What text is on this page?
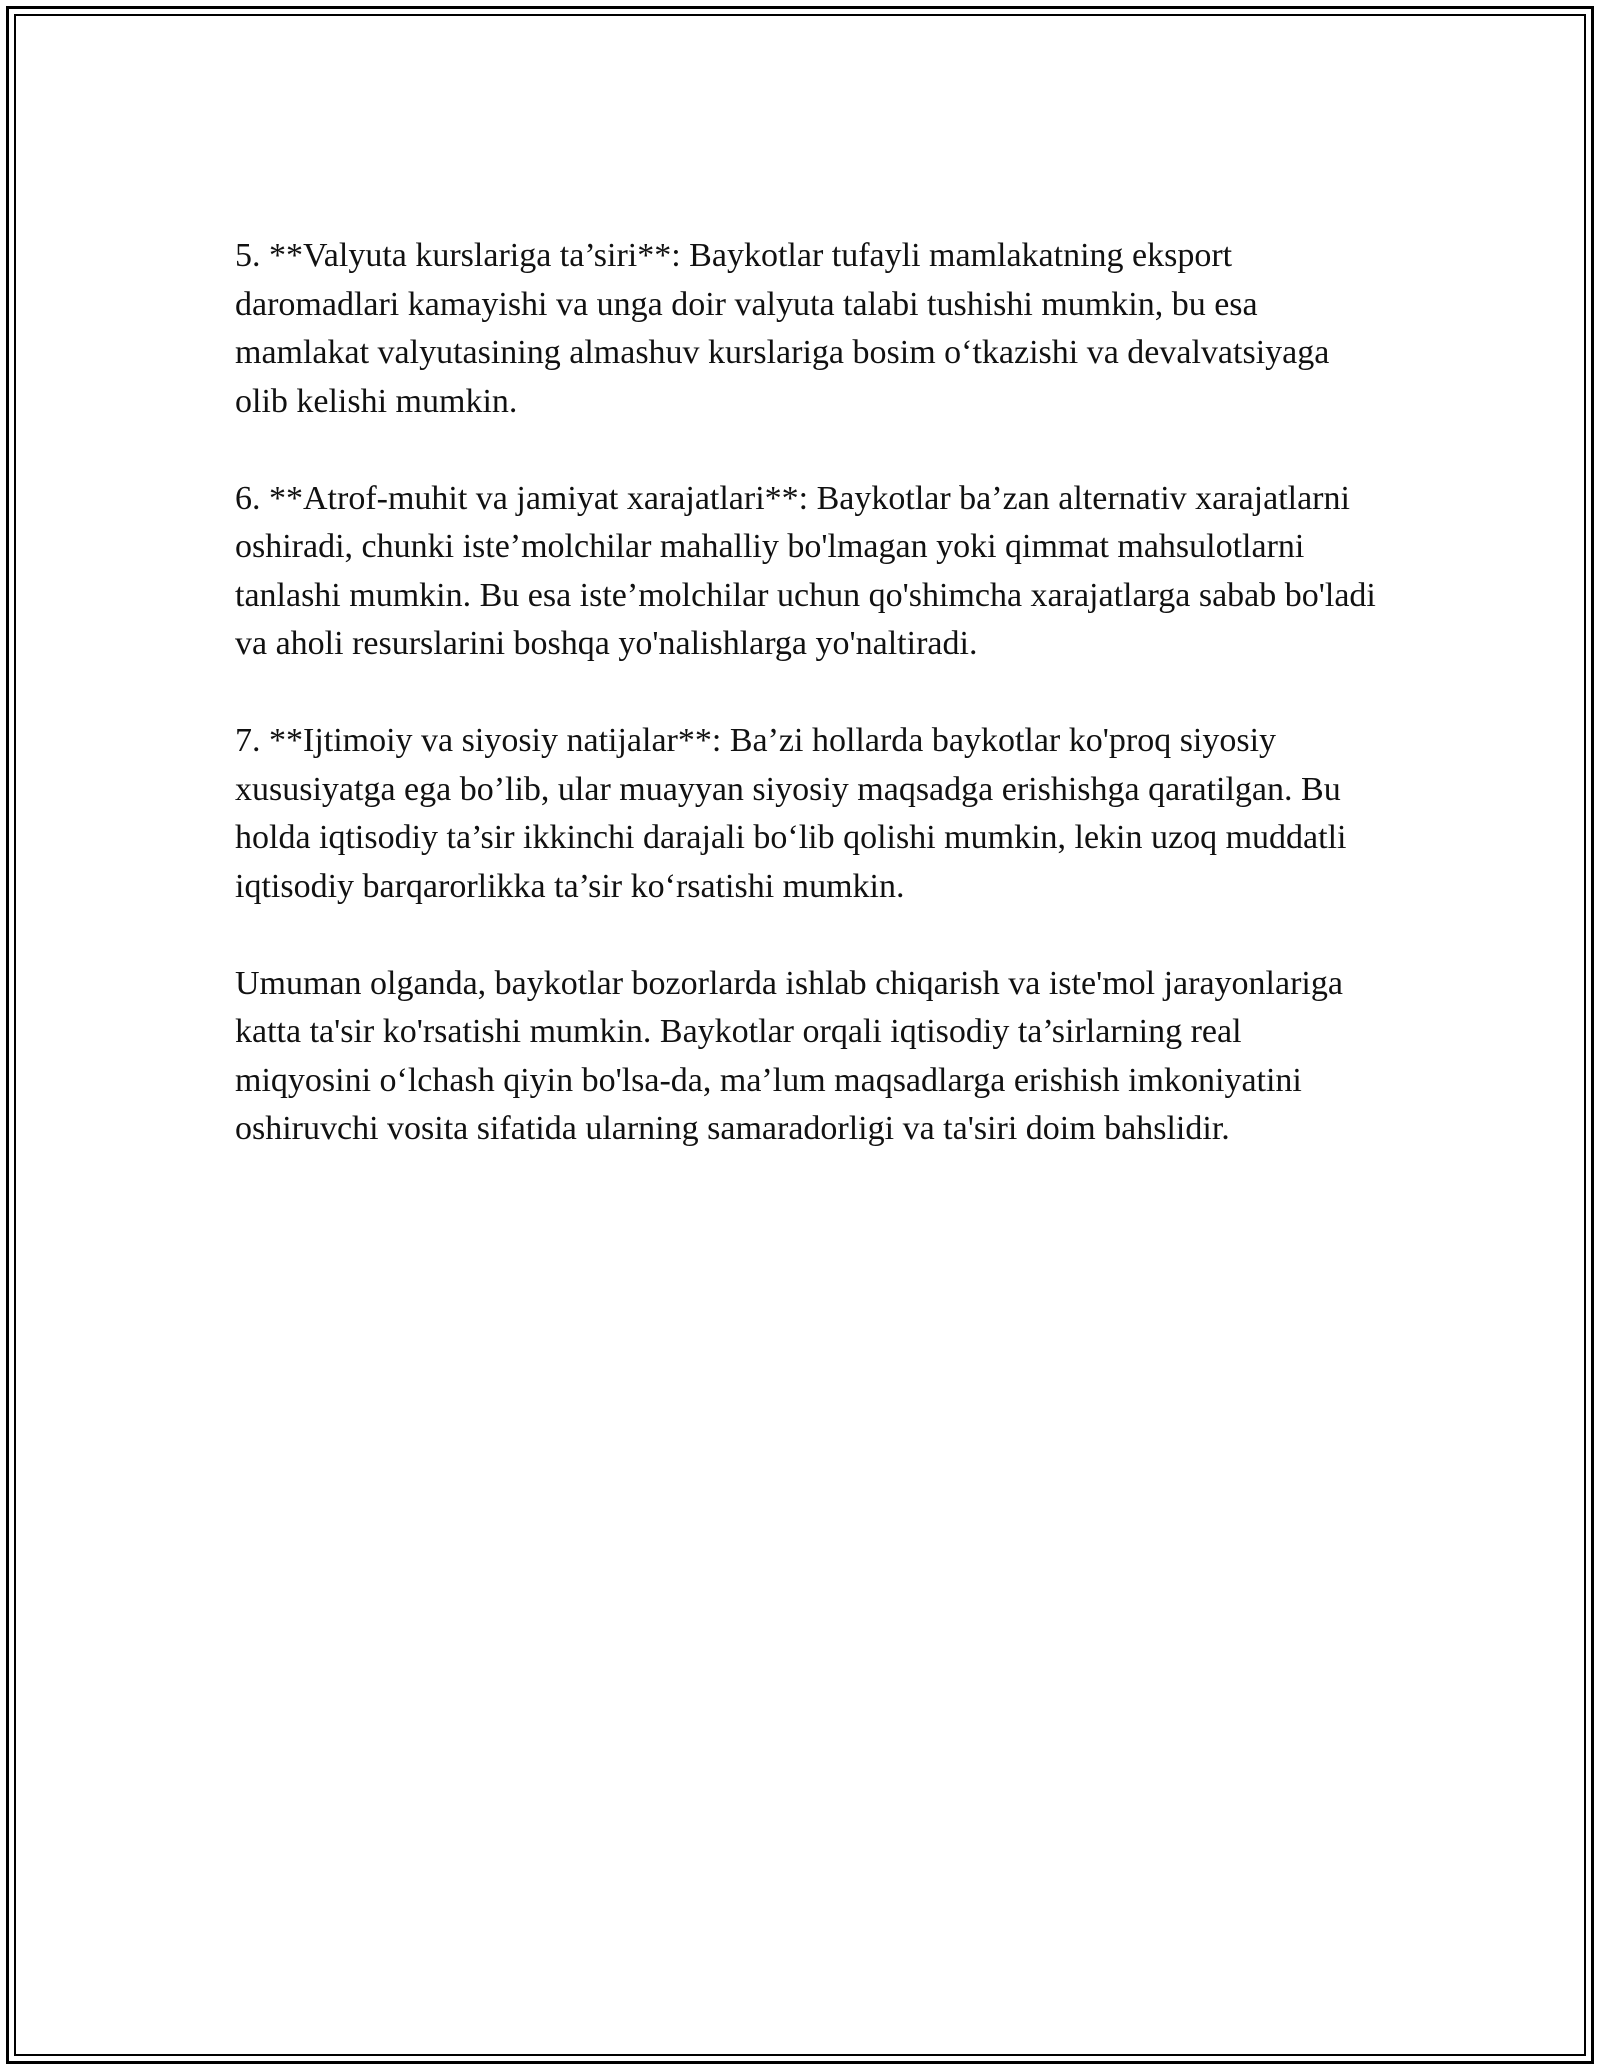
5. **Valyuta kurslariga ta’siri**: Baykotlar tufayli mamlakatning eksport daromadlari kamayishi va unga doir valyuta talabi tushishi mumkin, bu esa mamlakat valyutasining almashuv kurslariga bosim o‘tkazishi va devalvatsiyaga olib kelishi mumkin.

6. **Atrof-muhit va jamiyat xarajatlari**: Baykotlar ba’zan alternativ xarajatlarni oshiradi, chunki iste’molchilar mahalliy bo'lmagan yoki qimmat mahsulotlarni tanlashi mumkin. Bu esa iste’molchilar uchun qo'shimcha xarajatlarga sabab bo'ladi va aholi resurslarini boshqa yo'nalishlarga yo'naltiradi.

7. **Ijtimoiy va siyosiy natijalar**: Ba’zi hollarda baykotlar ko'proq siyosiy xususiyatga ega bo’lib, ular muayyan siyosiy maqsadga erishishga qaratilgan. Bu holda iqtisodiy ta’sir ikkinchi darajali bo‘lib qolishi mumkin, lekin uzoq muddatli iqtisodiy barqarorlikka ta’sir ko‘rsatishi mumkin.

Umuman olganda, baykotlar bozorlarda ishlab chiqarish va iste'mol jarayonlariga katta ta'sir ko'rsatishi mumkin. Baykotlar orqali iqtisodiy ta’sirlarning real miqyosini o‘lchash qiyin bo'lsa-da, ma’lum maqsadlarga erishish imkoniyatini oshiruvchi vosita sifatida ularning samaradorligi va ta'siri doim bahslidir.
